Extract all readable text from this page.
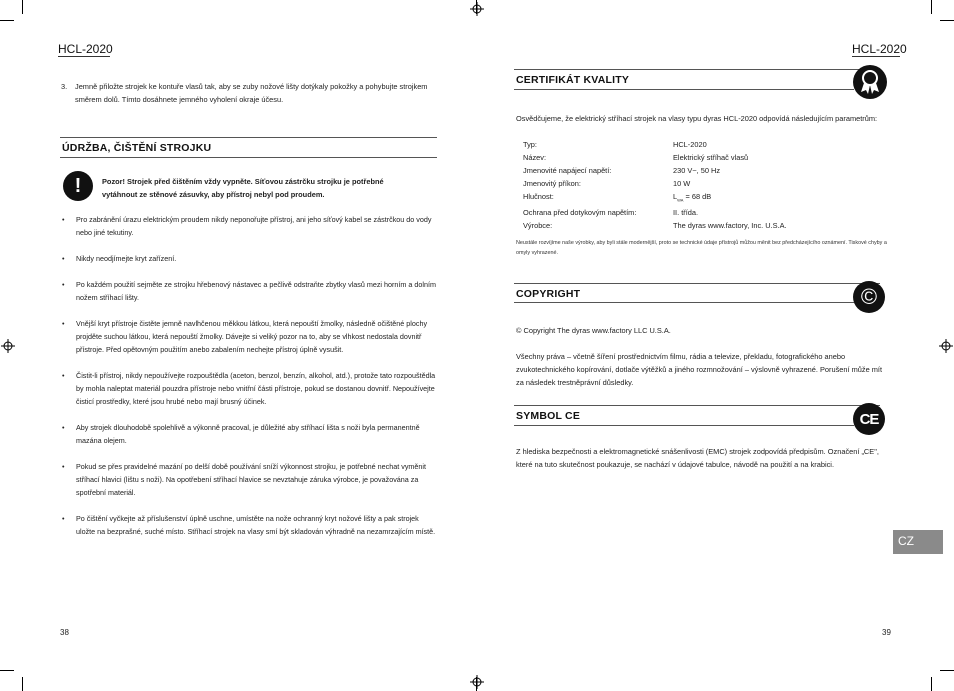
HCL-2020
3. Jemně přiložte strojek ke kontuře vlasů tak, aby se zuby nožové lišty dotýkaly pokožky a pohybujte strojkem směrem dolů. Tímto dosáhnete jemného vyholení okraje účesu.
ÚDRŽBA, ČIŠTĚNÍ STROJKU
!	Pozor! Strojek před čištěním vždy vypněte. Síťovou zástrčku strojku je potřebné vytáhnout ze stěnové zásuvky, aby přístroj nebyl pod proudem.
• Pro zabránění úrazu elektrickým proudem nikdy neponořujte přístroj, ani jeho síťový kabel se zástrčkou do vody nebo jiné tekutiny.
• Nikdy neodjímejte kryt zařízení.
• Po každém použití sejměte ze strojku hřebenový nástavec a pečlivě odstraňte zbytky vlasů mezi horním a dolním nožem stříhací lišty.
• Vnější kryt přístroje čistěte jemně navlhčenou měkkou látkou, která nepouští žmolky, následně očištěné plochy projděte suchou látkou, která nepouští žmolky. Dávejte si veliký pozor na to, aby se vlhkost nedostala dovnitř přístroje. Před opětovným použitím anebo zabalením nechejte přístroj úplně vysušit.
• Čistit-li přístroj, nikdy nepoužívejte rozpouštědla (aceton, benzol, benzín, alkohol, atd.), protože tato rozpouštědla by mohla naleptat materiál pouzdra přístroje nebo vnitřní části přístroje, pokud se dostanou dovnitř. Nepoužívejte čisticí prostředky, které jsou hrubé nebo mají brusný účinek.
• Aby strojek dlouhodobě spolehlivě a výkonně pracoval, je důležité aby stříhací lišta s noži byla permanentně mazána olejem.
• Pokud se přes pravidelné mazání po delší době používání sníží výkonnost strojku, je potřebné nechat vyměnit stříhací hlavici (lištu s noži). Na opotřebení stříhací hlavice se nevztahuje záruka výrobce, je považována za spotřební materiál.
• Po čištění vyčkejte až příslušenství úplně uschne, umístěte na nože ochranný kryt nožové lišty a pak strojek uložte na bezprašné, suché místo. Stříhací strojek na vlasy smí být skladován výhradně na nezamrzajícím místě.
38
HCL-2020
CERTIFIKÁT KVALITY
Osvědčujeme, že elektrický stříhací strojek na vlasy typu dyras HCL-2020 odpovídá následujícím parametrům:
Typ:	HCL-2020
Název:	Elektrický stříhač vlasů
Jmenovité napájecí napětí:	230 V~, 50 Hz
Jmenovitý příkon:	10 W
Hlučnost:	$L_{WA} = 68$ dB
Ochrana před dotykovým napětím:	II. třída.
Výrobce:	The dyras www.factory, Inc. U.S.A.
Neustále rozvíjíme naše výrobky, aby byli stále modernější, proto se technické údaje přístrojů můžou měnit bez předcházejícího oznámení. Tiskové chyby a omyly vyhrazené.
COPYRIGHT	©
© Copyright The dyras www.factory LLC U.S.A.
Všechny práva – včetně šíření prostřednictvím filmu, rádia a televize, překladu, fotografického anebo zvukotechnického kopírování, dotlače výtěžků a jiného rozmnožování – výslovně vyhrazené. Porušení může mít za následek trestněprávní důsledky.
SYMBOL CE	CE
Z hlediska bezpečnosti a elektromagnetické snášenlivosti (EMC) strojek zodpovídá předpisům. Označení „CE", které na tuto skutečnost poukazuje, se nachází v údajové tabulce, návodě na použití a na krabici.
CZ
39
